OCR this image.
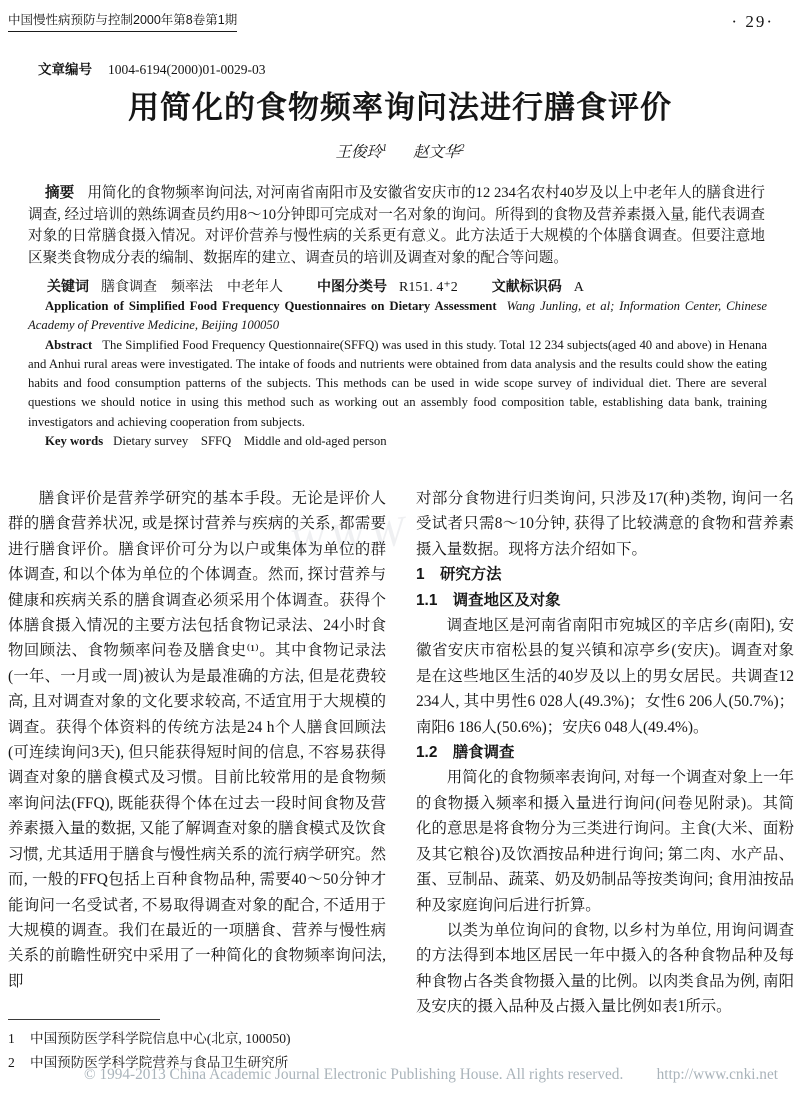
中国慢性病预防与控制2000年第8卷第1期	· 29·
文章编号 1004-6194(2000)01-0029-03
用简化的食物频率询问法进行膳食评价
王俊玲$^1$ 赵文华$^2$

摘要 用简化的食物频率询问法, 对河南省南阳市及安徽省安庆市的12 234名农村40岁及以上中老年人的膳食进行调查, 经过培训的熟练调查员约用8～10分钟即可完成对一名对象的询问。所得到的食物及营养素摄入量, 能代表调查对象的日常膳食摄入情况。对评价营养与慢性病的关系更有意义。此方法适于大规模的个体膳食调查。但要注意地区聚类食物成分表的编制、数据库的建立、调查员的培训及调查对象的配合等问题。

关键词 膳食调查　频率法　中老年人 中图分类号 R151. 4⁺2 文献标识码 A

Application of Simplified Food Frequency Questionnaires on Dietary Assessment Wang Junling, et al; Information Center, Chinese Academy of Preventive Medicine, Beijing 100050

Abstract The Simplified Food Frequency Questionnaire(SFFQ) was used in this study. Total 12 234 subjects(aged 40 and above) in Henana and Anhui rural areas were investigated. The intake of foods and nutrients were obtained from data analysis and the results could show the eating habits and food consumption patterns of the subjects. This methods can be used in wide scope survey of individual diet. There are several questions we should notice in using this method such as working out an assembly food composition table, establishing data bank, training investigators and achieving cooperation from subjects.

Key words Dietary survey　SFFQ　Middle and old-aged person

膳食评价是营养学研究的基本手段。无论是评价人群的膳食营养状况, 或是探讨营养与疾病的关系, 都需要进行膳食评价。膳食评价可分为以户或集体为单位的群体调查, 和以个体为单位的个体调查。然而, 探讨营养与健康和疾病关系的膳食调查必须采用个体调查。获得个体膳食摄入情况的主要方法包括食物记录法、24小时食物回顾法、食物频率问卷及膳食史⁽¹⁾。其中食物记录法(一年、一月或一周)被认为是最准确的方法, 但是花费较高, 且对调查对象的文化要求较高, 不适宜用于大规模的调查。获得个体资料的传统方法是24 h个人膳食回顾法(可连续询问3天), 但只能获得短时间的信息, 不容易获得调查对象的膳食模式及习惯。目前比较常用的是食物频率询问法(FFQ), 既能获得个体在过去一段时间食物及营养素摄入量的数据, 又能了解调查对象的膳食模式及饮食习惯, 尤其适用于膳食与慢性病关系的流行病学研究。然而, 一般的FFQ包括上百种食物品种, 需要40～50分钟才能询问一名受试者, 不易取得调查对象的配合, 不适用于大规模的调查。我们在最近的一项膳食、营养与慢性病关系的前瞻性研究中采用了一种简化的食物频率询问法, 即
对部分食物进行归类询问, 只涉及17(种)类物, 询问一名受试者只需8～10分钟, 获得了比较满意的食物和营养素摄入量数据。现将方法介绍如下。
1　研究方法
1.1　调查地区及对象
调查地区是河南省南阳市宛城区的辛店乡(南阳), 安徽省安庆市宿松县的复兴镇和凉亭乡(安庆)。调查对象是在这些地区生活的40岁及以上的男女居民。共调查12 234人, 其中男性6 028人(49.3%)；女性6 206人(50.7%)；南阳6 186人(50.6%)；安庆6 048人(49.4%)。
1.2　膳食调查
用简化的食物频率表询问, 对每一个调查对象上一年的食物摄入频率和摄入量进行询问(问卷见附录)。其简化的意思是将食物分为三类进行询问。主食(大米、面粉及其它粮谷)及饮酒按品种进行询问; 第二肉、水产品、蛋、豆制品、蔬菜、奶及奶制品等按类询问; 食用油按品种及家庭询问后进行折算。
以类为单位询问的食物, 以乡村为单位, 用询问调查的方法得到本地区居民一年中摄入的各种食物品种及每种食物占各类食物摄入量的比例。以肉类食品为例, 南阳及安庆的摄入品种及占摄入量比例如表1所示。
1 中国预防医学科学院信息中心(北京, 100050)
2 中国预防医学科学院营养与食品卫生研究所
WWW
© 1994-2013 China Academic Journal Electronic Publishing House. All rights reserved. http://www.cnki.net
